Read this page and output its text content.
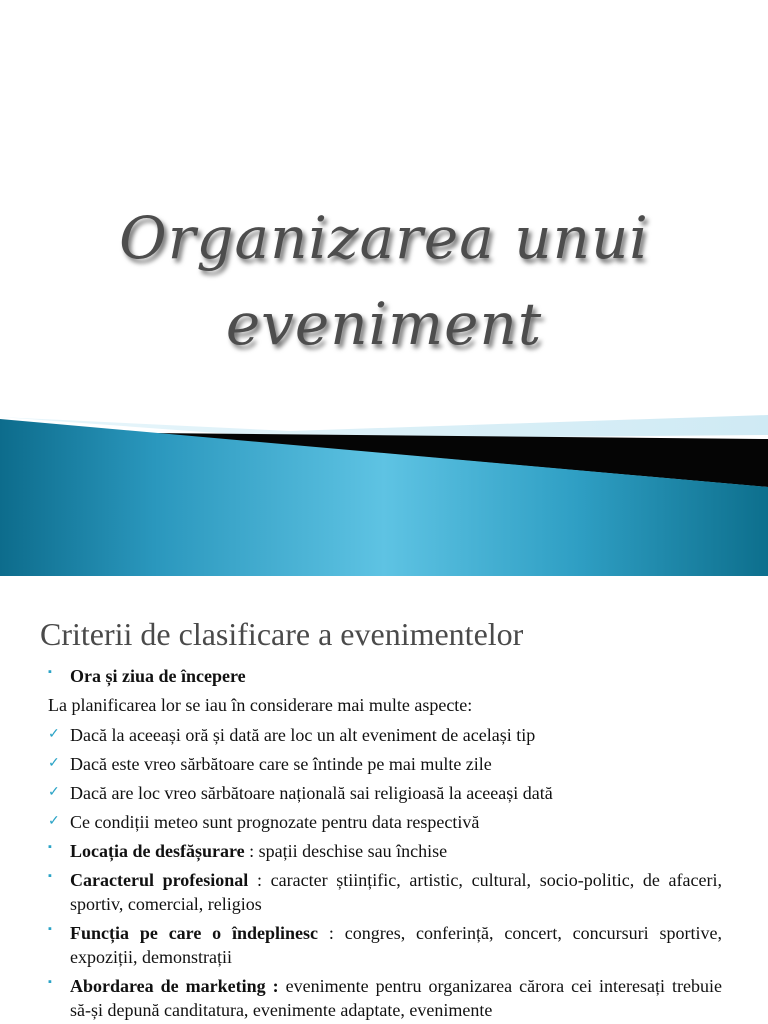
Organizarea unui
eveniment
Criterii de clasificare a evenimentelor
▪ Ora și ziua de începere
La planificarea lor se iau în considerare mai multe aspecte:
✓ Dacă la aceeași oră și dată are loc un alt eveniment de același tip
✓ Dacă este vreo sărbătoare care se întinde pe mai multe zile
✓ Dacă are loc vreo sărbătoare națională sai religioasă la aceeași dată
✓ Ce condiții meteo sunt prognozate pentru data respectivă
▪ Locația de desfășurare : spații deschise sau închise
▪ Caracterul profesional : caracter științific, artistic, cultural, socio-politic, de afaceri, sportiv, comercial, religios
▪ Funcția pe care o îndeplinesc : congres, conferință, concert, concursuri sportive, expoziții, demonstrații
▪ Abordarea de marketing : evenimente pentru organizarea cărora cei interesați trebuie să-și depună canditatura, evenimente adaptate, evenimente
